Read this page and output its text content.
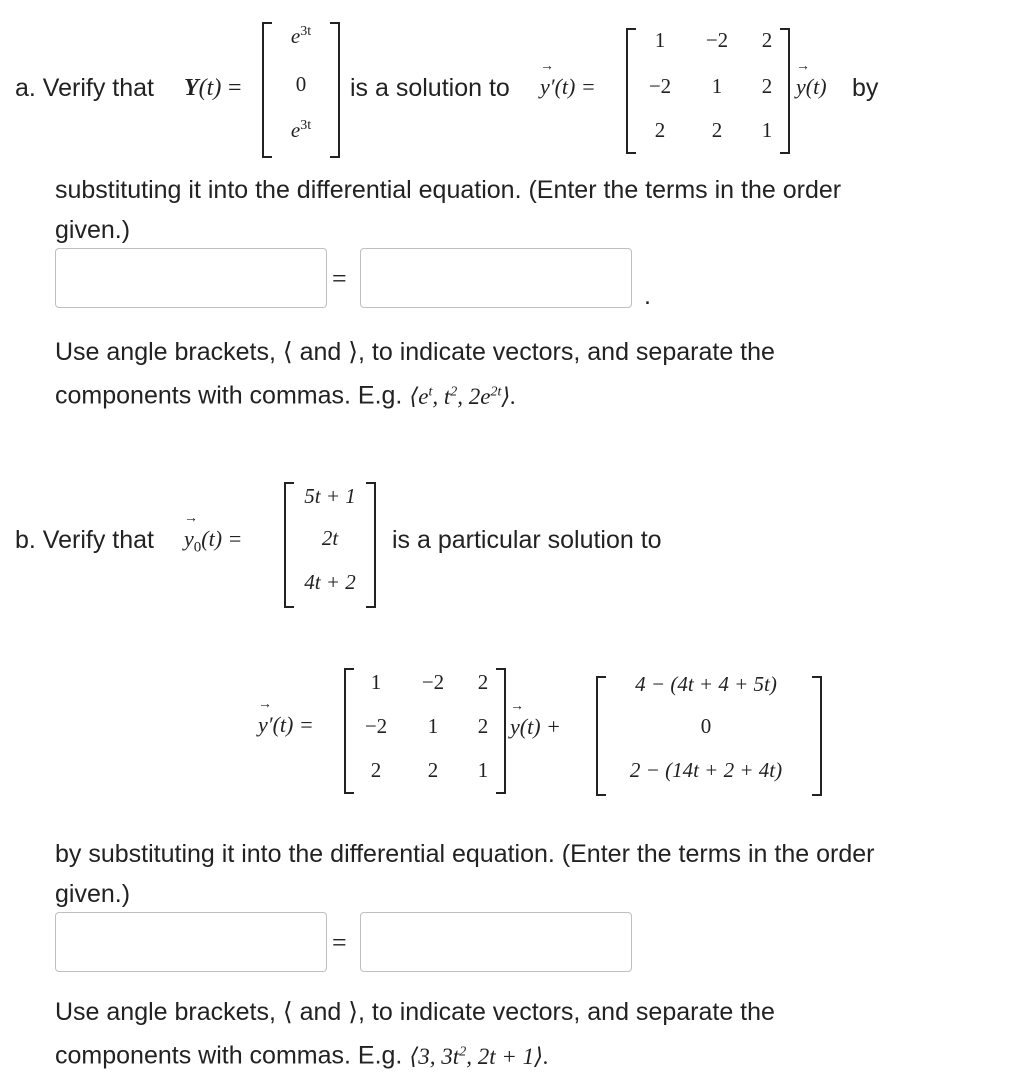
a. Verify that Y(t) =
$e^{3t}$
0
$e^{3t}$
is a solution to → y′(t) =
1	−2	2
−2	1	2
2	2	1
→ y(t) by
substituting it into the differential equation. (Enter the terms in the order
given.)
=
.
Use angle brackets, ⟨ and ⟩, to indicate vectors, and separate the
components with commas. E.g. $⟨e^t$, $t^2$, $2e^{2t}⟩$.
b. Verify that → $y_0(t)$ =
5t + 1
2t
4t + 2
is a particular solution to
→ y′(t) =
1	−2	2
−2	1	2
2	2	1
→ y(t) +
4 − (4t + 4 + 5t)
0
2 − (14t + 2 + 4t)
by substituting it into the differential equation. (Enter the terms in the order
given.)
=
Use angle brackets, ⟨ and ⟩, to indicate vectors, and separate the
components with commas. E.g. ⟨3, $3t^2$, 2t + 1⟩.
